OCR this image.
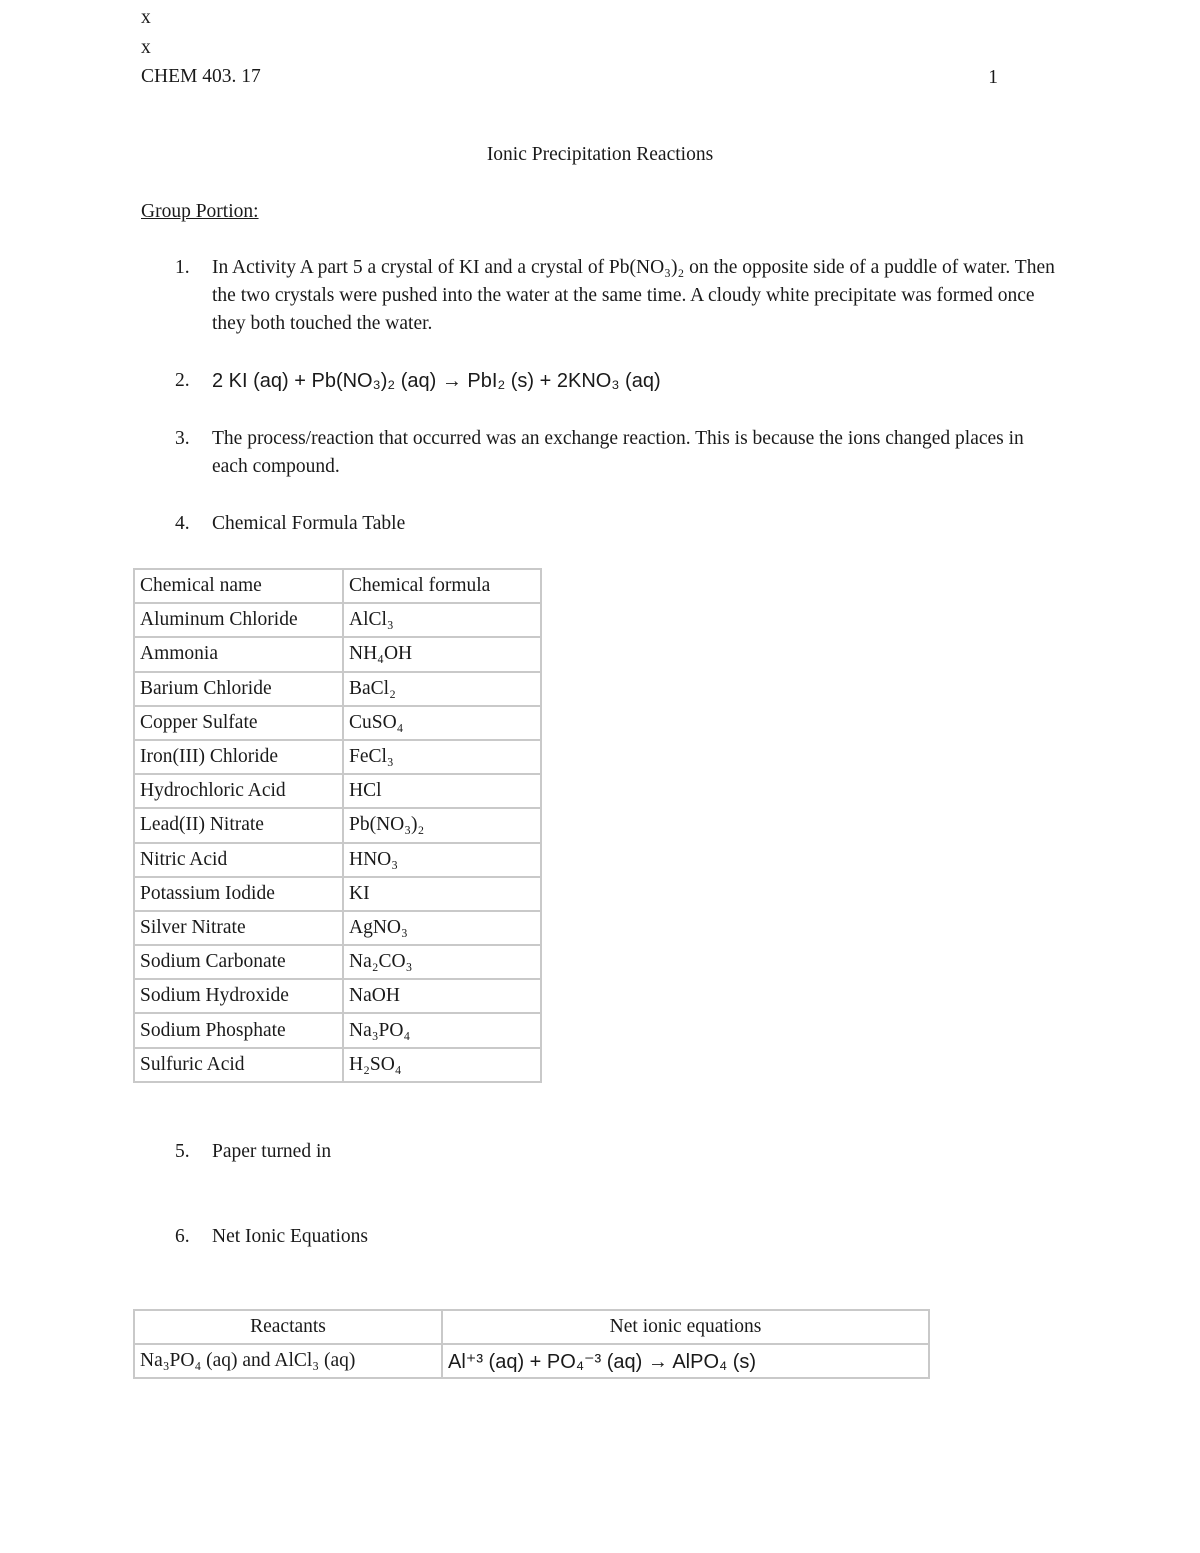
x
x
CHEM 403. 17	1
Ionic Precipitation Reactions
Group Portion:
1.	In Activity A part 5 a crystal of KI and a crystal of Pb(NO₃)₂ on the opposite side of a puddle of water. Then the two crystals were pushed into the water at the same time. A cloudy white precipitate was formed once they both touched the water.
2.	2 KI (aq) + Pb(NO₃)₂ (aq) → PbI₂ (s) + 2KNO₃ (aq)
3.	The process/reaction that occurred was an exchange reaction. This is because the ions changed places in each compound.
4.	Chemical Formula Table
Chemical name	Chemical formula
Aluminum Chloride	AlCl₃
Ammonia	NH₄OH
Barium Chloride	BaCl₂
Copper Sulfate	CuSO₄
Iron(III) Chloride	FeCl₃
Hydrochloric Acid	HCl
Lead(II) Nitrate	Pb(NO₃)₂
Nitric Acid	HNO₃
Potassium Iodide	KI
Silver Nitrate	AgNO₃
Sodium Carbonate	Na₂CO₃
Sodium Hydroxide	NaOH
Sodium Phosphate	Na₃PO₄
Sulfuric Acid	H₂SO₄
5.	Paper turned in
6.	Net Ionic Equations
Reactants	Net ionic equations
Na₃PO₄ (aq) and AlCl₃ (aq)	Al⁺³ (aq) + PO₄⁻³ (aq) → AlPO₄ (s)
